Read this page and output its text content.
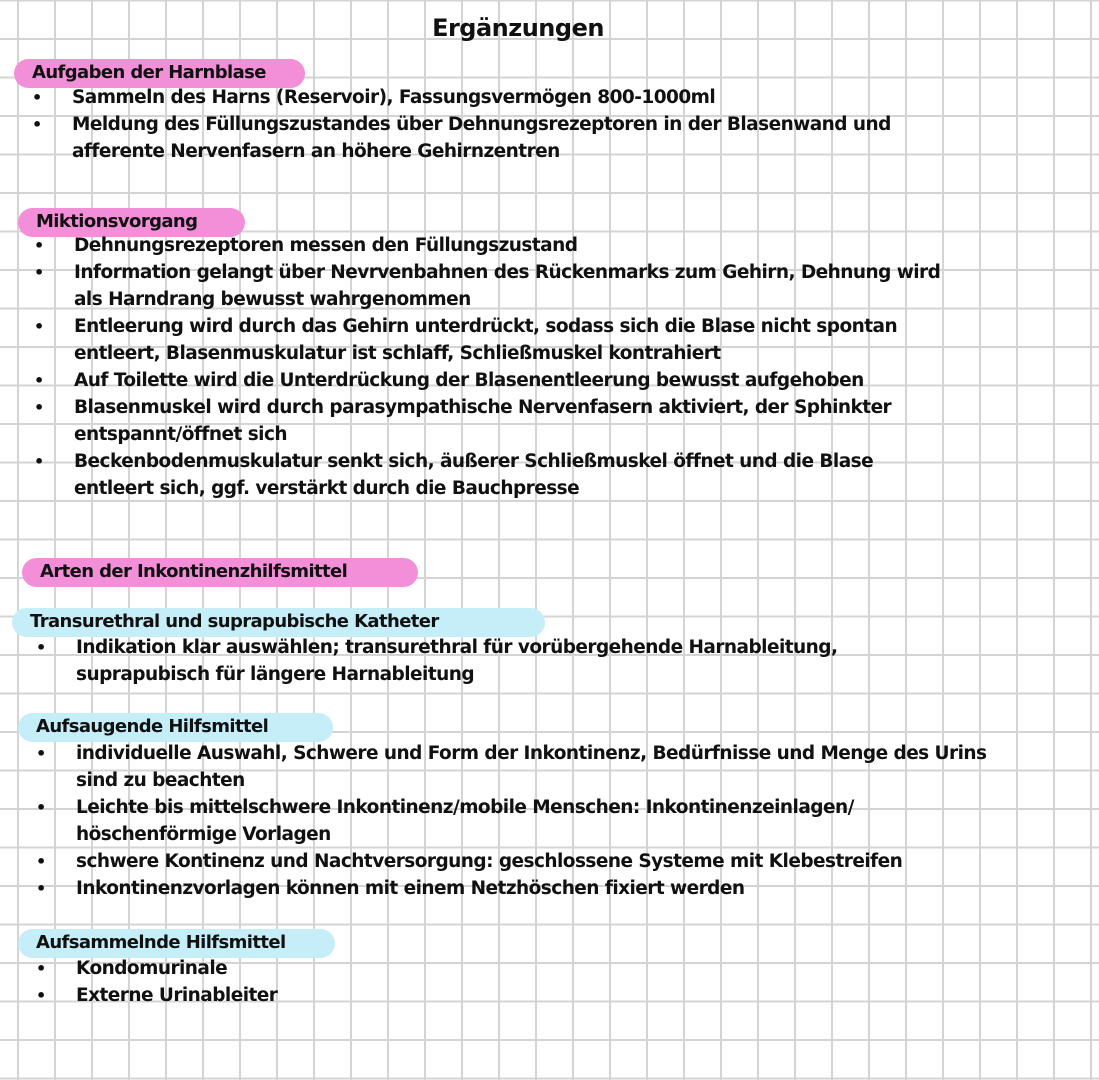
Ergänzungen
Aufgaben der Harnblase
• Sammeln des Harns (Reservoir), Fassungsvermögen 800-1000ml
• Meldung des Füllungszustandes über Dehnungsrezeptoren in der Blasenwand und
afferente Nervenfasern an höhere Gehirnzentren
Miktionsvorgang
• Dehnungsrezeptoren messen den Füllungszustand
• Information gelangt über Nevrvenbahnen des Rückenmarks zum Gehirn, Dehnung wird
als Harndrang bewusst wahrgenommen
• Entleerung wird durch das Gehirn unterdrückt, sodass sich die Blase nicht spontan
entleert, Blasenmuskulatur ist schlaff, Schließmuskel kontrahiert
• Auf Toilette wird die Unterdrückung der Blasenentleerung bewusst aufgehoben
• Blasenmuskel wird durch parasympathische Nervenfasern aktiviert, der Sphinkter
entspannt/öffnet sich
• Beckenbodenmuskulatur senkt sich, äußerer Schließmuskel öffnet und die Blase
entleert sich, ggf. verstärkt durch die Bauchpresse
Arten der Inkontinenzhilfsmittel
Transurethral und suprapubische Katheter
• Indikation klar auswählen; transurethral für vorübergehende Harnableitung,
suprapubisch für längere Harnableitung
Aufsaugende Hilfsmittel
• individuelle Auswahl, Schwere und Form der Inkontinenz, Bedürfnisse und Menge des Urins
sind zu beachten
• Leichte bis mittelschwere Inkontinenz/mobile Menschen: Inkontinenzeinlagen/
höschenförmige Vorlagen
• schwere Kontinenz und Nachtversorgung: geschlossene Systeme mit Klebestreifen
• Inkontinenzvorlagen können mit einem Netzhöschen fixiert werden
Aufsammelnde Hilfsmittel
• Kondomurinale
• Externe Urinableiter
